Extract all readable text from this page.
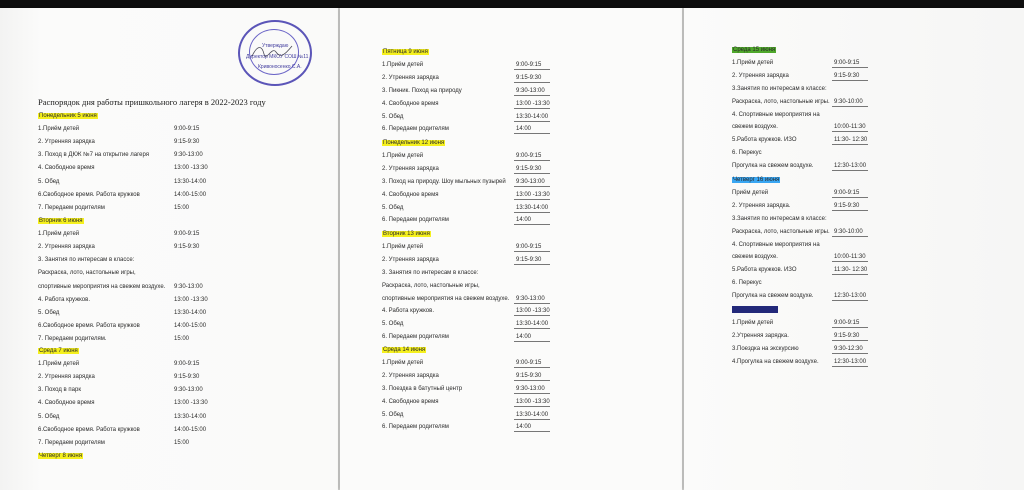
Утверждаю
Директор МКОУ СОШ №11
Кривоносенко С.А.
Распорядок дня работы пришкольного лагеря в 2022-2023 году
Понедельник 5 июня
1.Приём детей	9:00-9:15
2. Утренняя зарядка	9:15-9:30
3. Поход в ДКЖ №7 на открытие лагеря	9:30-13:00
4. Свободное время	13:00 -13:30
5. Обед	13:30-14:00
6.Свободное время. Работа кружков	14:00-15:00
7. Передаем родителям	15:00
Вторник 6 июня
1.Приём детей	9:00-9:15
2. Утренняя зарядка	9:15-9:30
3. Занятия по интересам в классе:
Раскраска, лото, настольные игры,
спортивные мероприятия на свежем воздухе. 9:30-13:00
4. Работа кружков.	13:00 -13:30
5. Обед	13:30-14:00
6.Свободное время. Работа кружков	14:00-15:00
7. Передаем родителям.	15:00
Среда 7 июня
1.Приём детей	9:00-9:15
2. Утренняя зарядка	9:15-9:30
3. Поход в парк	9:30-13:00
4. Свободное время	13:00 -13:30
5. Обед	13:30-14:00
6.Свободное время. Работа кружков	14:00-15:00
7. Передаем родителям	15:00
Четверг 8 июня
Пятница 9 июня
1.Приём детей	9:00-9:15
2. Утренняя зарядка	9:15-9:30
3. Пикник. Поход на природу	9:30-13:00
4. Свободное время	13:00 -13:30
5. Обед	13:30-14:00
6. Передаем родителям	14:00
Понедельник 12 июня
1.Приём детей	9:00-9:15
2. Утренняя зарядка	9:15-9:30
3. Поход на природу. Шоу мыльных пузырей 9:30-13:00
4. Свободное время	13:00 -13:30
5. Обед	13:30-14:00
6. Передаем родителям	14:00
Вторник 13 июня
1.Приём детей	9:00-9:15
2. Утренняя зарядка	9:15-9:30
3. Занятия по интересам в классе:
Раскраска, лото, настольные игры,
спортивные мероприятия на свежем воздухе. 9:30-13:00
4. Работа кружков.	13:00 -13:30
5. Обед	13:30-14:00
6. Передаем родителям	14:00
Среда 14 июня
1.Приём детей	9:00-9:15
2. Утренняя зарядка	9:15-9:30
3. Поездка в батутный центр	9:30-13:00
4. Свободное время	13:00 -13:30
5. Обед	13:30-14:00
6. Передаем родителям	14:00
Среда 15 июня
1.Приём детей	9:00-9:15
2. Утренняя зарядка	9:15-9:30
3.Занятия по интересам в классе:
Раскраска, лото, настольные игры. 9:30-10:00
4. Спортивные мероприятия на
свежем воздухе.	10:00-11:30
5.Работа кружков. ИЗО	11:30- 12:30
6. Перекус
Прогулка на свежем воздухе.	12:30-13:00
Четверг 16 июня
Приём детей	9:00-9:15
2. Утренняя зарядка.	9:15-9:30
3.Занятия по интересам в классе:
Раскраска, лото, настольные игры. 9:30-10:00
4. Спортивные мероприятия на
свежем воздухе.	10:00-11:30
5.Работа кружков. ИЗО	11:30- 12:30
6. Перекус
Прогулка на свежем воздухе.	12:30-13:00
1.Приём детей	9:00-9:15
2.Утренняя зарядка.	9:15-9:30
3.Поездка на экскурсию	9:30-12:30
4.Прогулка на свежем воздухе.	12:30-13:00
